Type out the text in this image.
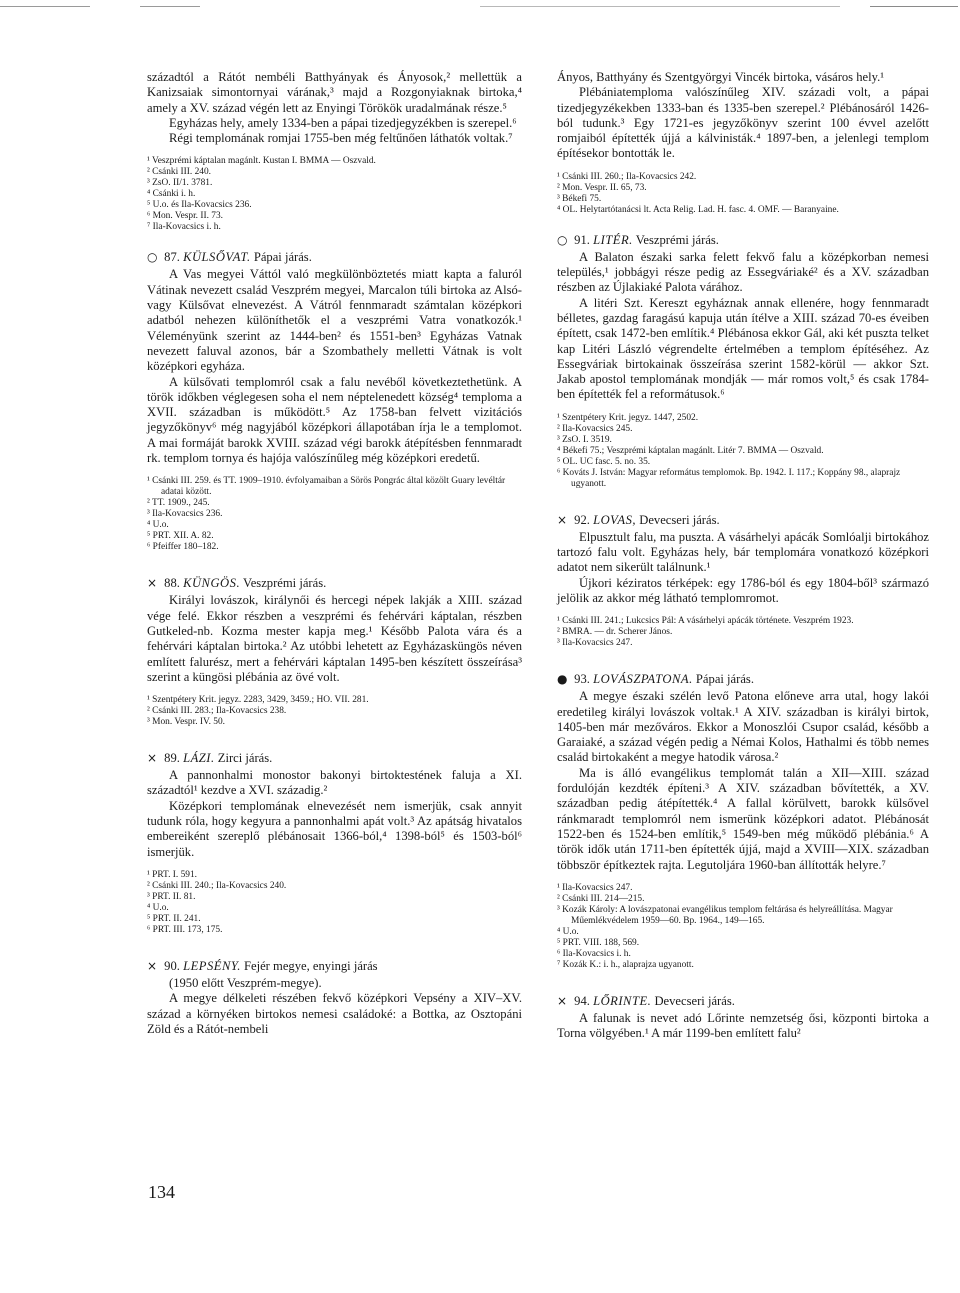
századtól a Rátót nembéli Batthyányak és Ányosok,² mellettük a Kanizsaiak simontornyai várának,³ majd a Rozgonyiaknak birtoka,⁴ amely a XV. század végén lett az Enyingi Törökök uradalmának része.⁵

Egyházas hely, amely 1334-ben a pápai tizedjegyzékben is szerepel.⁶

Régi templomának romjai 1755-ben még feltűnően láthatók voltak.⁷

¹ Veszprémi káptalan magánlt. Kustan I. BMMA — Oszvald.
² Csánki III. 240.
³ ZsO. II/1. 3781.
⁴ Csánki i. h.
⁵ U.o. és Ila-Kovacsics 236.
⁶ Mon. Vespr. II. 73.
⁷ Ila-Kovacsics i. h.

○ 87. KÜLSŐVAT. Pápai járás.

A Vas megyei Váttól való megkülönböztetés miatt kapta a faluról Vátinak nevezett család Veszprém megyei, Marcalon túli birtoka az Alsó- vagy Külsővat elnevezést. A Vátról fennmaradt számtalan középkori adatból nehezen különíthetők el a veszprémi Vatra vonatkozók.¹ Véleményünk szerint az 1444-ben² és 1551-ben³ Egyházas Vatnak nevezett faluval azonos, bár a Szombathely melletti Vátnak is volt középkori egyháza.

A külsővati templomról csak a falu nevéből következtethetünk. A török időkben véglegesen soha el nem néptelenedett község⁴ temploma a XVII. században is működött.⁵ Az 1758-ban felvett vizitációs jegyzőkönyv⁶ még nagyjából középkori állapotában írja le a templomot. A mai formáját barokk XVIII. század végi barokk átépítésben fennmaradt rk. templom tornya és hajója valószínűleg még középkori eredetű.

¹ Csánki III. 259. és TT. 1909–1910. évfolyamaiban a Sörös Pongrác által közölt Guary levéltár adatai között.
² TT. 1909., 245.
³ Ila-Kovacsics 236.
⁴ U.o.
⁵ PRT. XII. A. 82.
⁶ Pfeiffer 180–182.

× 88. KÜNGÖS. Veszprémi járás.

Királyi lovászok, királynői és hercegi népek lakják a XIII. század vége felé. Ekkor részben a veszprémi és fehérvári káptalan, részben Gutkeled-nb. Kozma mester kapja meg.¹ Később Palota vára és a fehérvári káptalan birtoka.² Az utóbbi lehetett az Egyházasküngös néven említett falurész, mert a fehérvári káptalan 1495-ben készített összeírása³ szerint a küngösi plébánia az övé volt.

¹ Szentpétery Krit. jegyz. 2283, 3429, 3459.; HO. VII. 281.
² Csánki III. 283.; Ila-Kovacsics 238.
³ Mon. Vespr. IV. 50.

× 89. LÁZI. Zirci járás.

A pannonhalmi monostor bakonyi birtoktestének faluja a XI. századtól¹ kezdve a XVI. századig.²

Középkori templomának elnevezését nem ismerjük, csak annyit tudunk róla, hogy kegyura a pannonhalmi apát volt.³ Az apátság hivatalos embereiként szereplő plébánosait 1366-ból,⁴ 1398-ból⁵ és 1503-ból⁶ ismerjük.

¹ PRT. I. 591.
² Csánki III. 240.; Ila-Kovacsics 240.
³ PRT. II. 81.
⁴ U.o.
⁵ PRT. II. 241.
⁶ PRT. III. 173, 175.

× 90. LEPSÉNY. Fejér megye, enyingi járás

(1950 előtt Veszprém-megye).

A megye délkeleti részében fekvő középkori Vepsény a XIV–XV. század a környéken birtokos nemesi családoké: a Bottka, az Osztopáni Zöld és a Rátót-nembeli

Ányos, Batthyány és Szentgyörgyi Vincék birtoka, vásáros hely.¹

Plébániatemploma valószínűleg XIV. századi volt, a pápai tizedjegyzékekben 1333-ban és 1335-ben szerepel.² Plébánosáról 1426-ból tudunk.³ Egy 1721-es jegyzőkönyv szerint 100 évvel azelőtt romjaiból építették újjá a kálvinisták.⁴ 1897-ben, a jelenlegi templom építésekor bontották le.

¹ Csánki III. 260.; Ila-Kovacsics 242.
² Mon. Vespr. II. 65, 73.
³ Békefi 75.
⁴ OL. Helytartótanácsi lt. Acta Relig. Lad. H. fasc. 4. OMF. — Baranyaine.

○ 91. LITÉR. Veszprémi járás.

A Balaton északi sarka felett fekvő falu a középkorban nemesi település,¹ jobbágyi része pedig az Essegváriaké² és a XV. században részben az Újlakiaké Palota várához.

A litéri Szt. Kereszt egyháznak annak ellenére, hogy fennmaradt bélletes, gazdag faragású kapuja után ítélve a XIII. század 70-es éveiben épített, csak 1472-ben említik.⁴ Plébánosa ekkor Gál, aki két puszta telket kap Litéri László végrendelte értelmében a templom építéséhez. Az Essegváriak birtokainak összeírása szerint 1582-körül — akkor Szt. Jakab apostol templomának mondják — már romos volt,⁵ és csak 1784-ben építették fel a reformátusok.⁶

¹ Szentpétery Krit. jegyz. 1447, 2502.
² Ila-Kovacsics 245.
³ ZsO. I. 3519.
⁴ Békefi 75.; Veszprémi káptalan magánlt. Litér 7. BMMA — Oszvald.
⁵ OL. UC fasc. 5. no. 35.
⁶ Kováts J. István: Magyar református templomok. Bp. 1942. I. 117.; Koppány 98., alaprajz ugyanott.

× 92. LOVAS, Devecseri járás.

Elpusztult falu, ma puszta. A vásárhelyi apácák Somlóalji birtokához tartozó falu volt. Egyházas hely, bár templomára vonatkozó középkori adatot nem sikerült találnunk.¹

Újkori kéziratos térképek: egy 1786-ból és egy 1804-ből³ származó jelölik az akkor még látható templomromot.

¹ Csánki III. 241.; Lukcsics Pál: A vásárhelyi apácák története. Veszprém 1923.
² BMRA. — dr. Scherer János.
³ Ila-Kovacsics 247.

● 93. LOVÁSZPATONA. Pápai járás.

A megye északi szélén levő Patona előneve arra utal, hogy lakói eredetileg királyi lovászok voltak.¹ A XIV. században is királyi birtok, 1405-ben már mezőváros. Ekkor a Monoszlói Csupor család, később a Garaiaké, a század végén pedig a Némai Kolos, Hathalmi és több nemes család birtokaként a megye hatodik városa.²

Ma is álló evangélikus templomát talán a XII—XIII. század fordulóján kezdték építeni.³ A XIV. században bővítették, a XV. században pedig átépítették.⁴ A fallal körülvett, barokk külsővel ránkmaradt templomról nem ismerünk középkori adatot. Plébánosát 1522-ben és 1524-ben említik,⁵ 1549-ben még működő plébánia.⁶ A török idők után 1711-ben építették újjá, majd a XVIII—XIX. században többször építkeztek rajta. Legutoljára 1960-ban állították helyre.⁷

¹ Ila-Kovacsics 247.
² Csánki III. 214—215.
³ Kozák Károly: A lovászpatonai evangélikus templom feltárása és helyreállítása. Magyar Műemlékvédelem 1959—60. Bp. 1964., 149—165.
⁴ U.o.
⁵ PRT. VIII. 188, 569.
⁶ Ila-Kovacsics i. h.
⁷ Kozák K.: i. h., alaprajza ugyanott.

× 94. LŐRINTE. Devecseri járás.

A falunak is nevet adó Lőrinte nemzetség ősi, központi birtoka a Torna völgyében.¹ A már 1199-ben említett falu²

134
